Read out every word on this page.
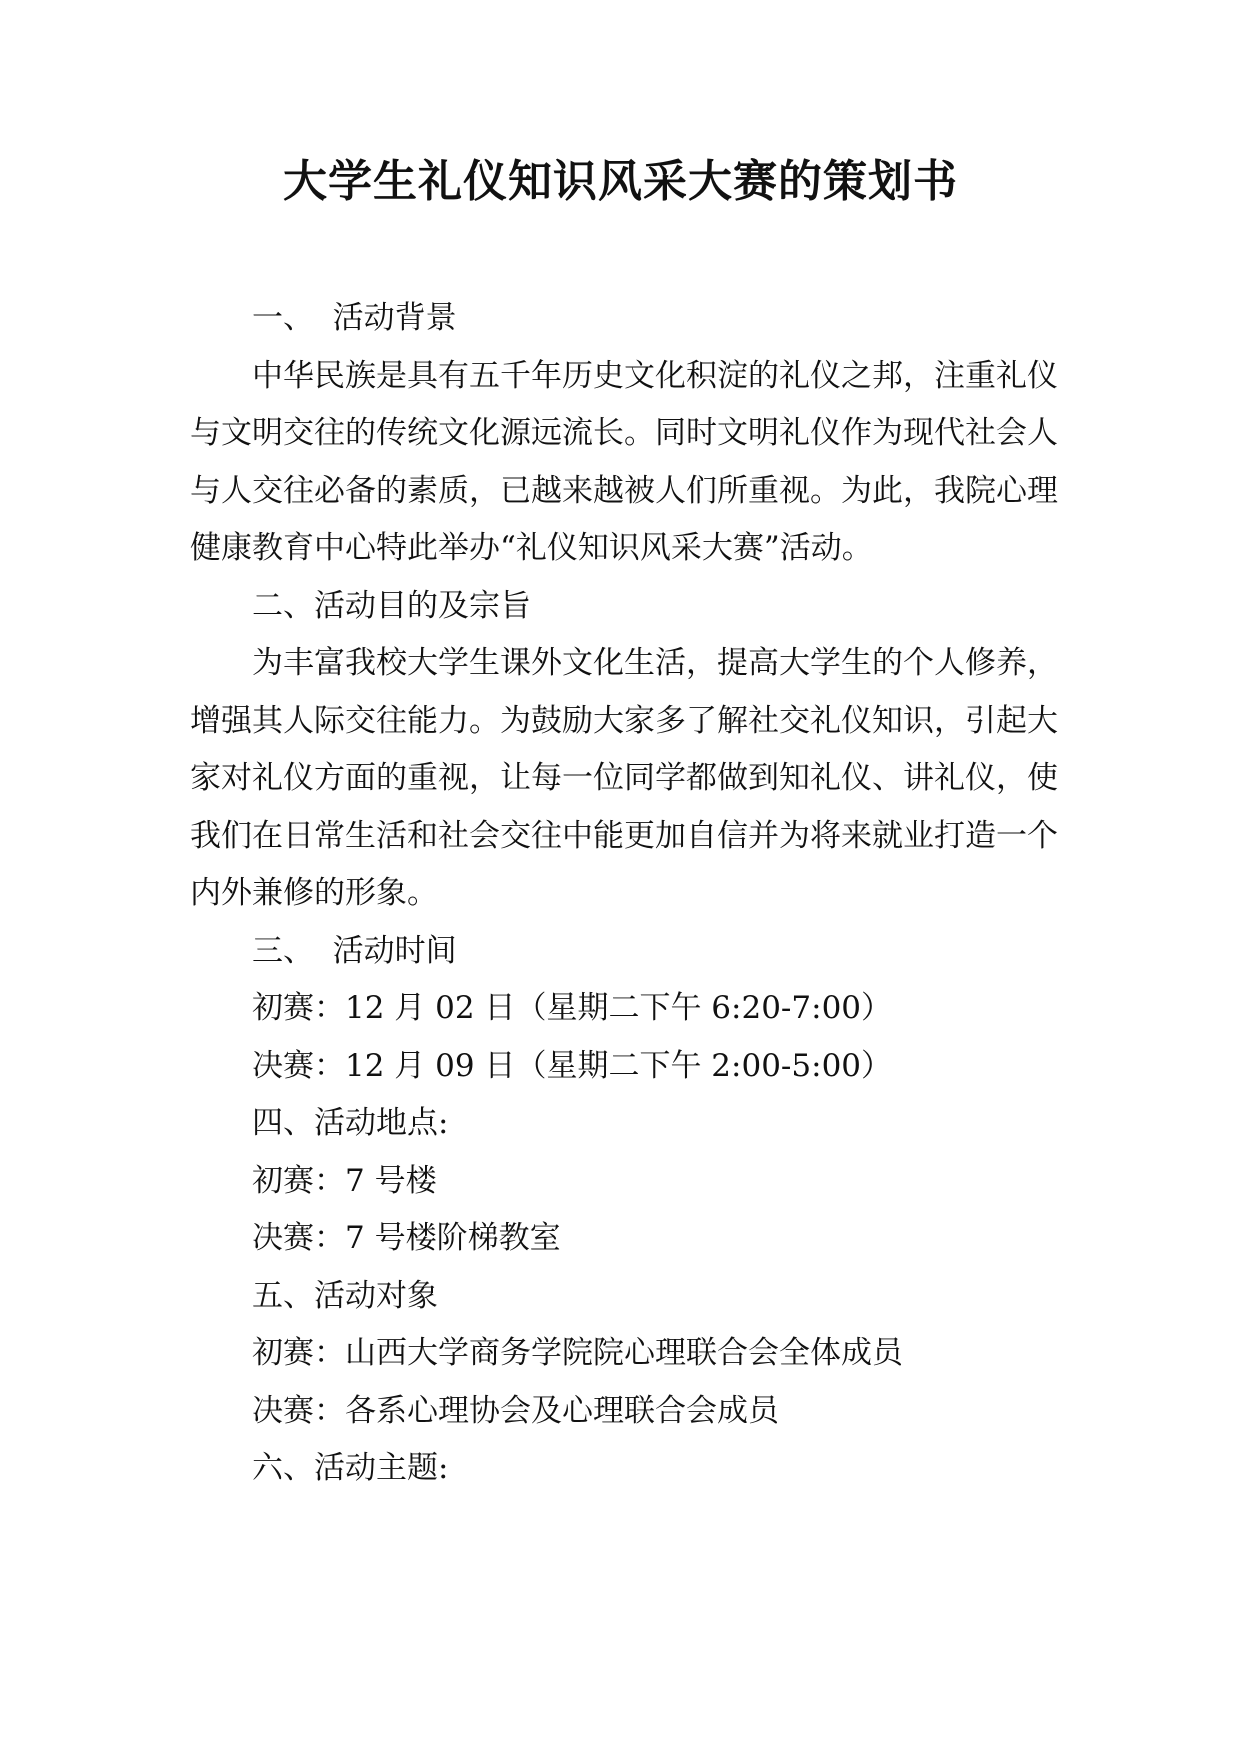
大学生礼仪知识风采大赛的策划书

一、 活动背景

中华民族是具有五千年历史文化积淀的礼仪之邦，注重礼仪与文明交往的传统文化源远流长。同时文明礼仪作为现代社会人与人交往必备的素质，已越来越被人们所重视。为此，我院心理健康教育中心特此举办“礼仪知识风采大赛”活动。

二、活动目的及宗旨

为丰富我校大学生课外文化生活，提高大学生的个人修养，增强其人际交往能力。为鼓励大家多了解社交礼仪知识，引起大家对礼仪方面的重视，让每一位同学都做到知礼仪、讲礼仪，使我们在日常生活和社会交往中能更加自信并为将来就业打造一个内外兼修的形象。

三、 活动时间

初赛：12 月 02 日（星期二下午 6:20-7:00）

决赛：12 月 09 日（星期二下午 2:00-5:00）

四、活动地点:

初赛：7 号楼

决赛：7 号楼阶梯教室

五、活动对象

初赛：山西大学商务学院院心理联合会全体成员

决赛：各系心理协会及心理联合会成员

六、活动主题:
